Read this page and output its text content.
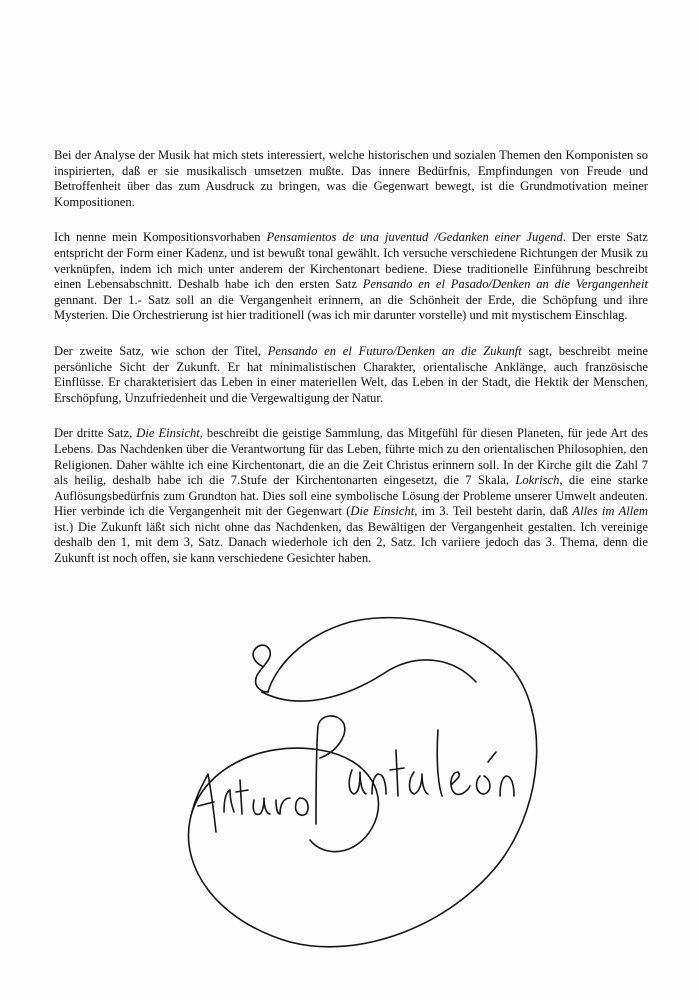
Bei der Analyse der Musik hat mich stets interessiert, welche historischen und sozialen Themen den Komponisten so inspirierten, daß er sie musikalisch umsetzen mußte. Das innere Bedürfnis, Empfindungen von Freude und Betroffenheit über das zum Ausdruck zu bringen, was die Gegenwart bewegt, ist die Grundmotivation meiner Kompositionen.

Ich nenne mein Kompositionsvorhaben Pensamientos de una juventud /Gedanken einer Jugend. Der erste Satz entspricht der Form einer Kadenz, und ist bewußt tonal gewählt. Ich versuche verschiedene Richtungen der Musik zu verknüpfen, indem ich mich unter anderem der Kirchentonart bediene. Diese traditionelle Einführung beschreibt einen Lebensabschnitt. Deshalb habe ich den ersten Satz Pensando en el Pasado/Denken an die Vergangenheit gennant. Der 1.- Satz soll an die Vergangenheit erinnern, an die Schönheit der Erde, die Schöpfung und ihre Mysterien. Die Orchestrierung ist hier traditionell (was ich mir darunter vorstelle) und mit mystischem Einschlag.

Der zweite Satz, wie schon der Titel, Pensando en el Futuro/Denken an die Zukunft sagt, beschreibt meine persönliche Sicht der Zukunft. Er hat minimalistischen Charakter, orientalische Anklänge, auch französische Einflüsse. Er charakterisiert das Leben in einer materiellen Welt, das Leben in der Stadt, die Hektik der Menschen, Erschöpfung, Unzufriedenheit und die Vergewaltigung der Natur.

Der dritte Satz, Die Einsicht, beschreibt die geistige Sammlung, das Mitgefühl für diesen Planeten, für jede Art des Lebens. Das Nachdenken über die Verantwortung für das Leben, führte mich zu den orientalischen Philosophien, den Religionen. Daher wählte ich eine Kirchentonart, die an die Zeit Christus erinnern soll. In der Kirche gilt die Zahl 7 als heilig, deshalb habe ich die 7.Stufe der Kirchentonarten eingesetzt, die 7 Skala, Lokrisch, die eine starke Auflösungsbedürfnis zum Grundton hat. Dies soll eine symbolische Lösung der Probleme unserer Umwelt andeuten. Hier verbinde ich die Vergangenheit mit der Gegenwart (Die Einsicht, im 3. Teil besteht darin, daß Alles im Allem ist.) Die Zukunft läßt sich nicht ohne das Nachdenken, das Bewältigen der Vergangenheit gestalten. Ich vereinige deshalb den 1, mit dem 3, Satz. Danach wiederhole ich den 2, Satz. Ich variiere jedoch das 3. Thema, denn die Zukunft ist noch offen, sie kann verschiedene Gesichter haben.
